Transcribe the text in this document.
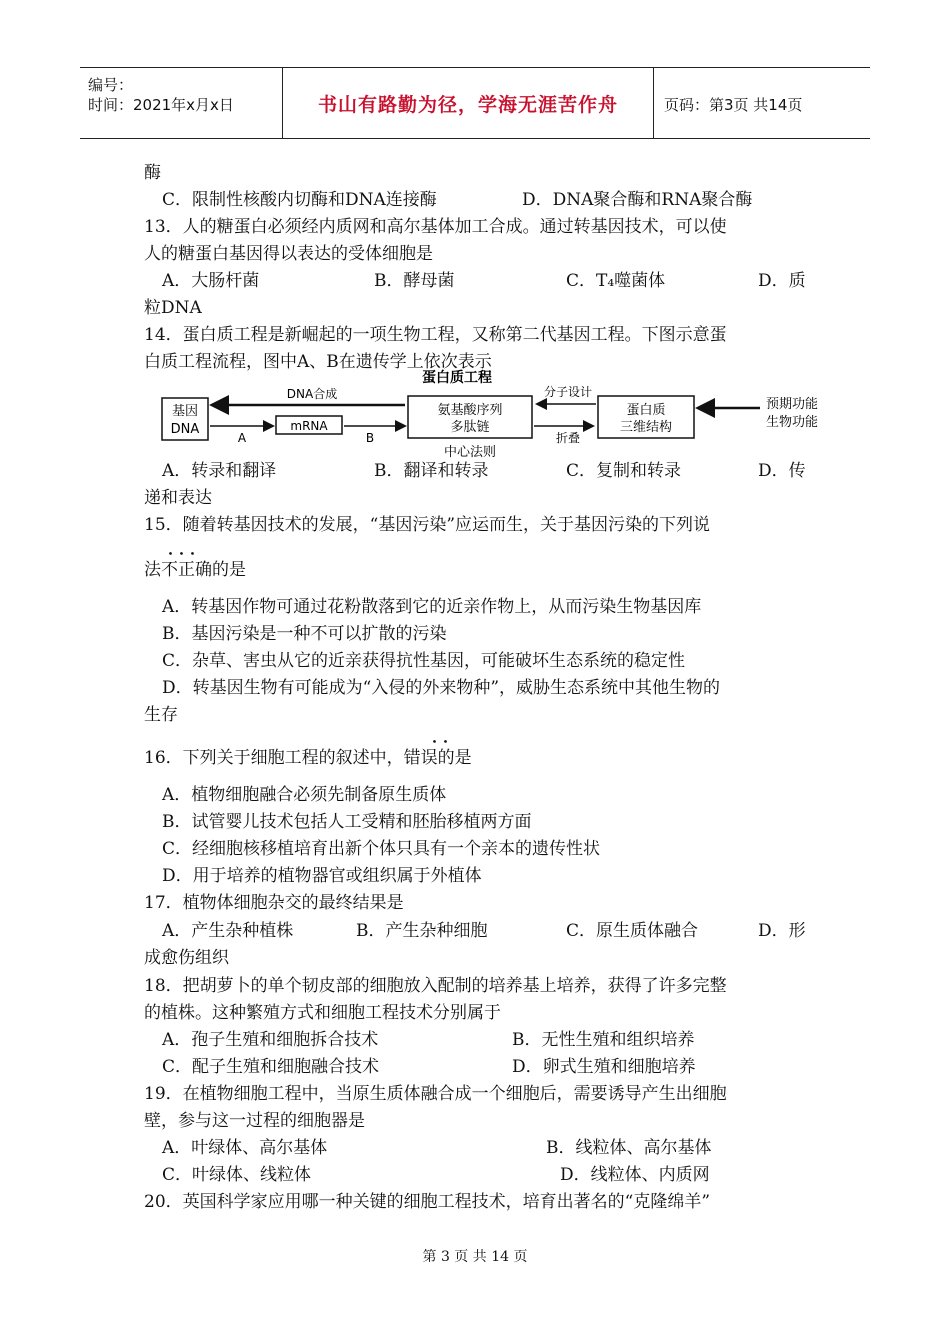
编号：
时间：2021年x月x日	书山有路勤为径，学海无涯苦作舟	页码：第3页 共14页
酶
C．限制性核酸内切酶和DNA连接酶	D．DNA聚合酶和RNA聚合酶
13．人的糖蛋白必须经内质网和高尔基体加工合成。通过转基因技术，可以使
人的糖蛋白基因得以表达的受体细胞是
A．大肠杆菌	B．酵母菌	C．T₄噬菌体	D．质
粒DNA
14．蛋白质工程是新崛起的一项生物工程，又称第二代基因工程。下图示意蛋
白质工程流程，图中A、B在遗传学上依次表示
蛋白质工程
基因
DNA
DNA合成
A
mRNA
B
氨基酸序列
多肽链
中心法则
分子设计
折叠
蛋白质
三维结构
预期功能
生物功能
A．转录和翻译	B．翻译和转录	C．复制和转录	D．传
递和表达
15．随着转基因技术的发展，“基因污染”应运而生，关于基因污染的下列说
．．．
法不正确的是
A．转基因作物可通过花粉散落到它的近亲作物上，从而污染生物基因库
B．基因污染是一种不可以扩散的污染
C．杂草、害虫从它的近亲获得抗性基因，可能破坏生态系统的稳定性
D．转基因生物有可能成为“入侵的外来物种”，威胁生态系统中其他生物的
生存
．．
16．下列关于细胞工程的叙述中，错误的是
A．植物细胞融合必须先制备原生质体
B．试管婴儿技术包括人工受精和胚胎移植两方面
C．经细胞核移植培育出新个体只具有一个亲本的遗传性状
D．用于培养的植物器官或组织属于外植体
17．植物体细胞杂交的最终结果是
A．产生杂种植株	B．产生杂种细胞	C．原生质体融合	D．形
成愈伤组织
18．把胡萝卜的单个韧皮部的细胞放入配制的培养基上培养，获得了许多完整
的植株。这种繁殖方式和细胞工程技术分别属于
A．孢子生殖和细胞拆合技术	B．无性生殖和组织培养
C．配子生殖和细胞融合技术	D．卵式生殖和细胞培养
19．在植物细胞工程中，当原生质体融合成一个细胞后，需要诱导产生出细胞
壁，参与这一过程的细胞器是
A．叶绿体、高尔基体	B．线粒体、高尔基体
C．叶绿体、线粒体	D．线粒体、内质网
20．英国科学家应用哪一种关键的细胞工程技术，培育出著名的“克隆绵羊”
第 3 页 共 14 页
